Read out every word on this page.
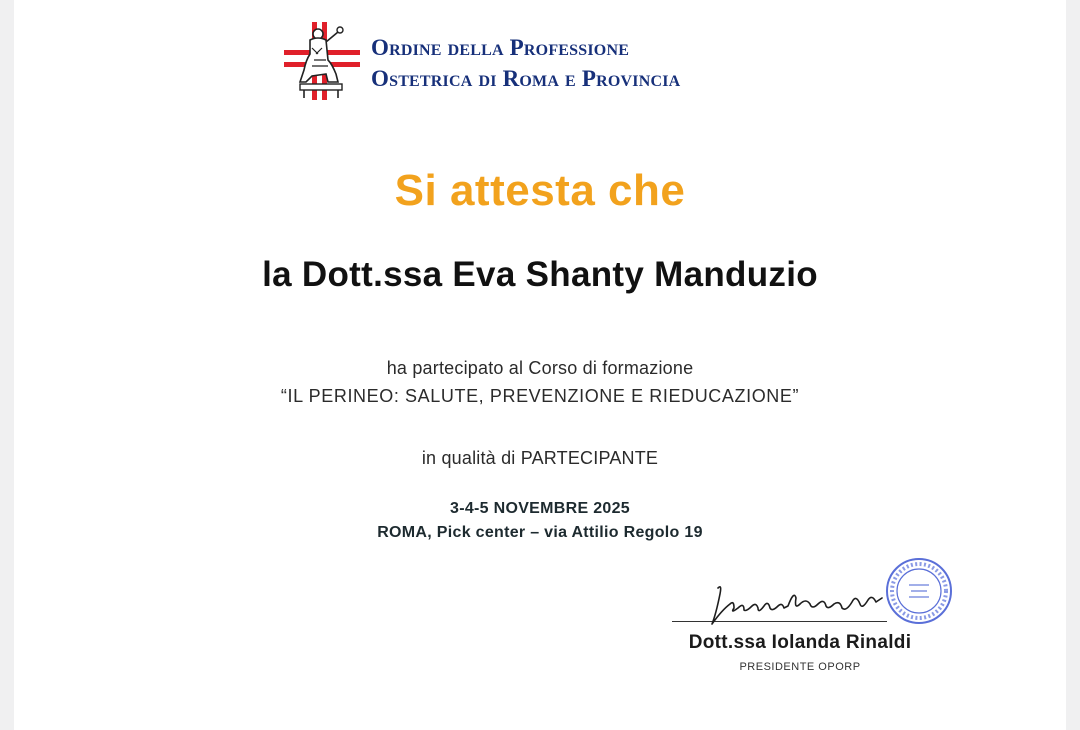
Ordine della Professione
Ostetrica di Roma e Provincia
Si attesta che
la Dott.ssa Eva Shanty Manduzio
ha partecipato al Corso di formazione
“IL PERINEO: SALUTE, PREVENZIONE E RIEDUCAZIONE”
in qualità di PARTECIPANTE
3-4-5 NOVEMBRE 2025
ROMA, Pick center – via Attilio Regolo 19
Dott.ssa Iolanda Rinaldi
PRESIDENTE OPORP
